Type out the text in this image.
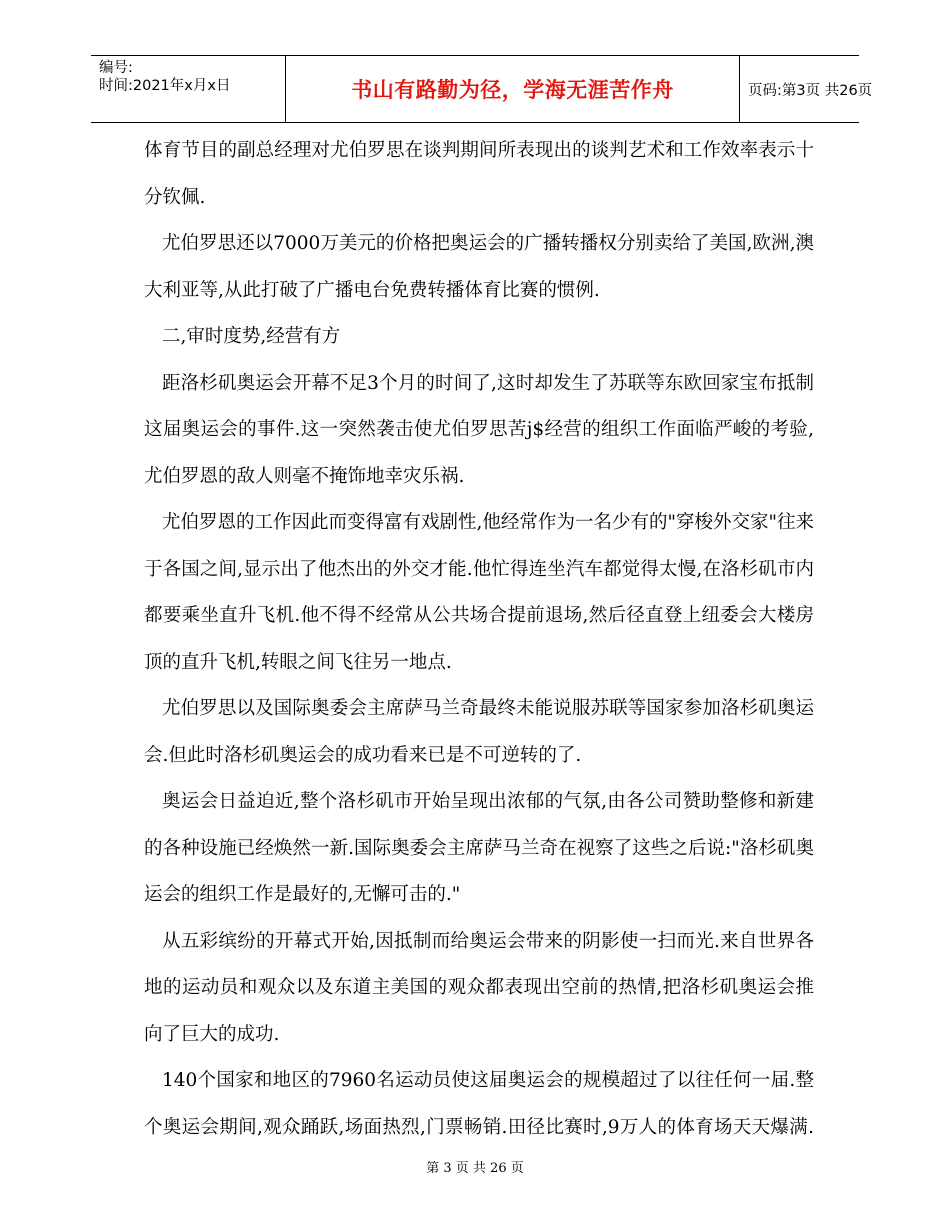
编号:
时间:2021年x月x日	书山有路勤为径，学海无涯苦作舟	页码:第3页 共26页

体育节目的副总经理对尤伯罗思在谈判期间所表现出的谈判艺术和工作效率表示十分钦佩.

尤伯罗思还以7000万美元的价格把奥运会的广播转播权分别卖给了美国,欧洲,澳大利亚等,从此打破了广播电台免费转播体育比赛的惯例.

二,审时度势,经营有方

距洛杉矶奥运会开幕不足3个月的时间了,这时却发生了苏联等东欧回家宝布抵制这届奥运会的事件.这一突然袭击使尤伯罗思苦j$经营的组织工作面临严峻的考验,尤伯罗恩的敌人则毫不掩饰地幸灾乐祸.

尤伯罗恩的工作因此而变得富有戏剧性,他经常作为一名少有的"穿梭外交家"往来于各国之间,显示出了他杰出的外交才能.他忙得连坐汽车都觉得太慢,在洛杉矶市内都要乘坐直升飞机.他不得不经常从公共场合提前退场,然后径直登上纽委会大楼房顶的直升飞机,转眼之间飞往另一地点.

尤伯罗思以及国际奥委会主席萨马兰奇最终未能说服苏联等国家参加洛杉矶奥运会.但此时洛杉矶奥运会的成功看来已是不可逆转的了.

奥运会日益迫近,整个洛杉矶市开始呈现出浓郁的气氛,由各公司赞助整修和新建的各种设施已经焕然一新.国际奥委会主席萨马兰奇在视察了这些之后说:"洛杉矶奥运会的组织工作是最好的,无懈可击的."

从五彩缤纷的开幕式开始,因抵制而给奥运会带来的阴影使一扫而光.来自世界各地的运动员和观众以及东道主美国的观众都表现出空前的热情,把洛杉矶奥运会推向了巨大的成功.

140个国家和地区的7960名运动员使这届奥运会的规模超过了以往任何一届.整个奥运会期间,观众踊跃,场面热烈,门票畅销.田径比赛时,9万人的体育场天天爆满.

第 3 页 共 26 页
